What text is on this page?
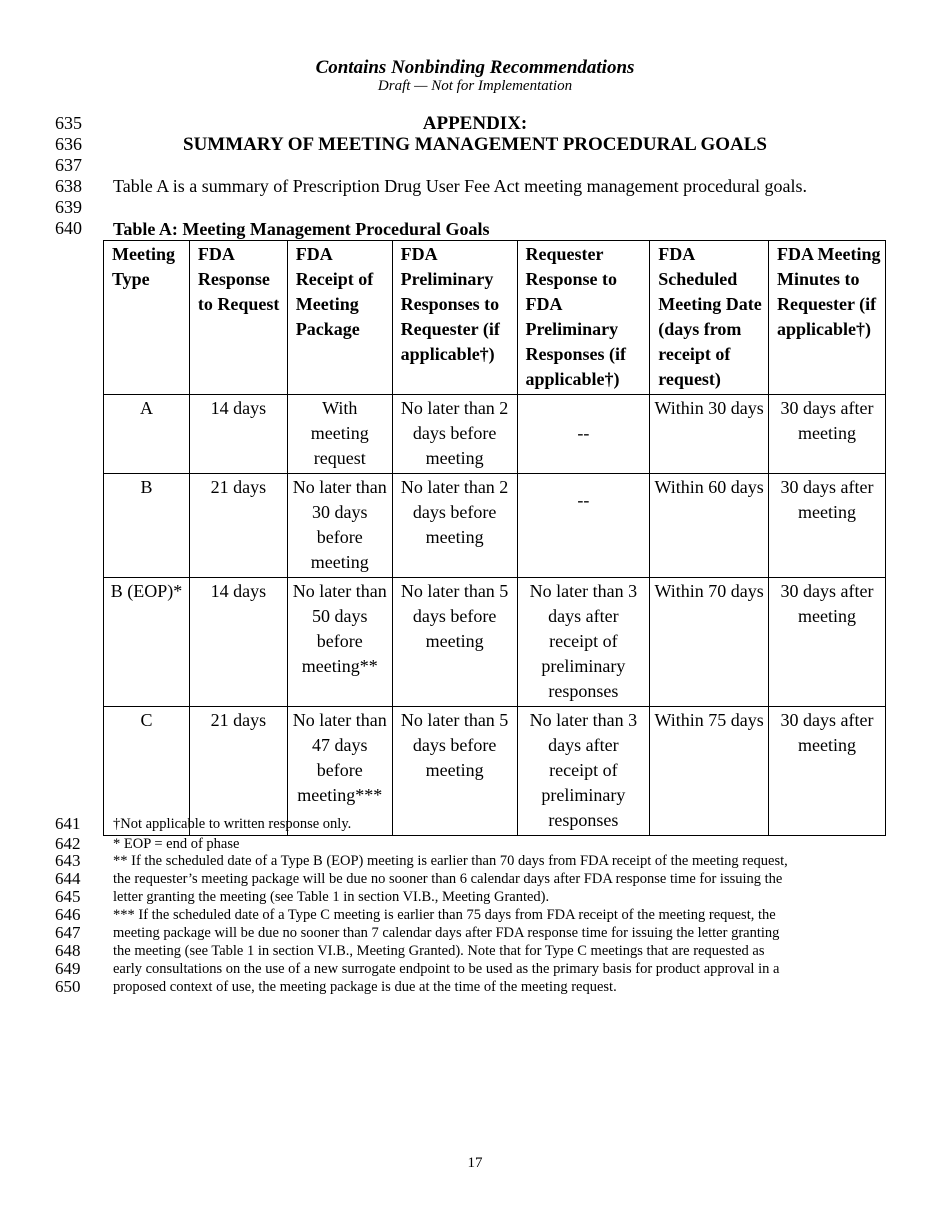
Contains Nonbinding Recommendations
Draft — Not for Implementation
635
636
637
638
639
640
641
642
643
644
645
646
647
648
649
650
APPENDIX:
SUMMARY OF MEETING MANAGEMENT PROCEDURAL GOALS
Table A is a summary of Prescription Drug User Fee Act meeting management procedural goals.
Table A: Meeting Management Procedural Goals
Meeting Type	FDA Response to Request	FDA Receipt of Meeting Package	FDA Preliminary Responses to Requester (if applicable†)	Requester Response to FDA Preliminary Responses (if applicable†)	FDA Scheduled Meeting Date (days from receipt of request)	FDA Meeting Minutes to Requester (if applicable†)
A	14 days	With meeting request	No later than 2 days before meeting	--	Within 30 days	30 days after meeting
B	21 days	No later than 30 days before meeting	No later than 2 days before meeting	--	Within 60 days	30 days after meeting
B (EOP)*	14 days	No later than 50 days before meeting**	No later than 5 days before meeting	No later than 3 days after receipt of preliminary responses	Within 70 days	30 days after meeting
C	21 days	No later than 47 days before meeting***	No later than 5 days before meeting	No later than 3 days after receipt of preliminary responses	Within 75 days	30 days after meeting
†Not applicable to written response only.
* EOP = end of phase
** If the scheduled date of a Type B (EOP) meeting is earlier than 70 days from FDA receipt of the meeting request,
the requester’s meeting package will be due no sooner than 6 calendar days after FDA response time for issuing the
letter granting the meeting (see Table 1 in section VI.B., Meeting Granted).
*** If the scheduled date of a Type C meeting is earlier than 75 days from FDA receipt of the meeting request, the
meeting package will be due no sooner than 7 calendar days after FDA response time for issuing the letter granting
the meeting (see Table 1 in section VI.B., Meeting Granted). Note that for Type C meetings that are requested as
early consultations on the use of a new surrogate endpoint to be used as the primary basis for product approval in a
proposed context of use, the meeting package is due at the time of the meeting request.
17
